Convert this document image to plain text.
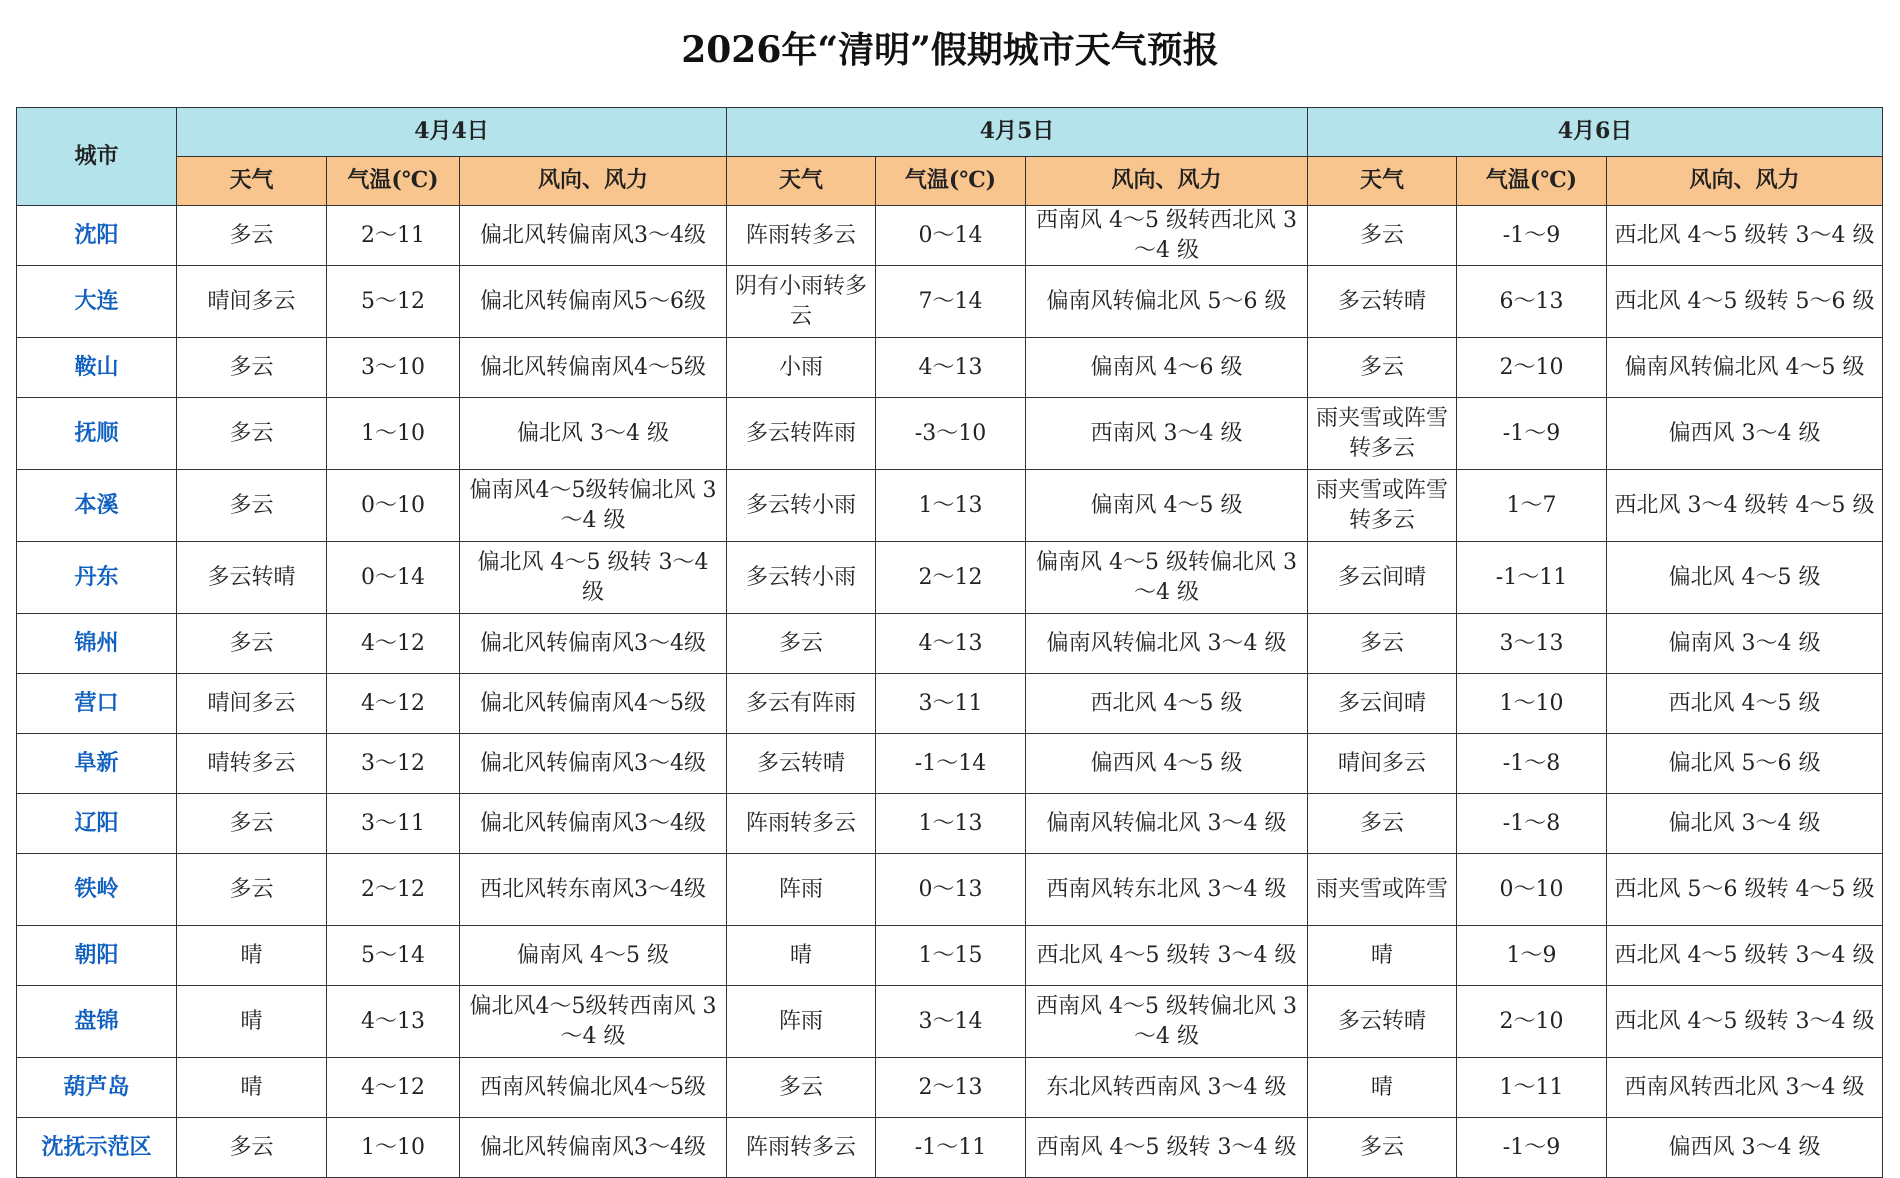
2026年“清明”假期城市天气预报
城市	4月4日			4月5日			4月6日		
	天气	气温(℃)	风向、风力	天气	气温(℃)	风向、风力	天气	气温(℃)	风向、风力
沈阳	多云	2～11	偏北风转偏南风3～4级	阵雨转多云	0～14	西南风 4～5 级转西北风 3～4 级	多云	-1～9	西北风 4～5 级转 3～4 级
大连	晴间多云	5～12	偏北风转偏南风5～6级	阴有小雨转多云	7～14	偏南风转偏北风 5～6 级	多云转晴	6～13	西北风 4～5 级转 5～6 级
鞍山	多云	3～10	偏北风转偏南风4～5级	小雨	4～13	偏南风 4～6 级	多云	2～10	偏南风转偏北风 4～5 级
抚顺	多云	1～10	偏北风 3～4 级	多云转阵雨	-3～10	西南风 3～4 级	雨夹雪或阵雪转多云	-1～9	偏西风 3～4 级
本溪	多云	0～10	偏南风4～5级转偏北风 3～4 级	多云转小雨	1～13	偏南风 4～5 级	雨夹雪或阵雪转多云	1～7	西北风 3～4 级转 4～5 级
丹东	多云转晴	0～14	偏北风 4～5 级转 3～4 级	多云转小雨	2～12	偏南风 4～5 级转偏北风 3～4 级	多云间晴	-1～11	偏北风 4～5 级
锦州	多云	4～12	偏北风转偏南风3～4级	多云	4～13	偏南风转偏北风 3～4 级	多云	3～13	偏南风 3～4 级
营口	晴间多云	4～12	偏北风转偏南风4～5级	多云有阵雨	3～11	西北风 4～5 级	多云间晴	1～10	西北风 4～5 级
阜新	晴转多云	3～12	偏北风转偏南风3～4级	多云转晴	-1～14	偏西风 4～5 级	晴间多云	-1～8	偏北风 5～6 级
辽阳	多云	3～11	偏北风转偏南风3～4级	阵雨转多云	1～13	偏南风转偏北风 3～4 级	多云	-1～8	偏北风 3～4 级
铁岭	多云	2～12	西北风转东南风3～4级	阵雨	0～13	西南风转东北风 3～4 级	雨夹雪或阵雪	0～10	西北风 5～6 级转 4～5 级
朝阳	晴	5～14	偏南风 4～5 级	晴	1～15	西北风 4～5 级转 3～4 级	晴	1～9	西北风 4～5 级转 3～4 级
盘锦	晴	4～13	偏北风4～5级转西南风 3～4 级	阵雨	3～14	西南风 4～5 级转偏北风 3～4 级	多云转晴	2～10	西北风 4～5 级转 3～4 级
葫芦岛	晴	4～12	西南风转偏北风4～5级	多云	2～13	东北风转西南风 3～4 级	晴	1～11	西南风转西北风 3～4 级
沈抚示范区	多云	1～10	偏北风转偏南风3～4级	阵雨转多云	-1～11	西南风 4～5 级转 3～4 级	多云	-1～9	偏西风 3～4 级
